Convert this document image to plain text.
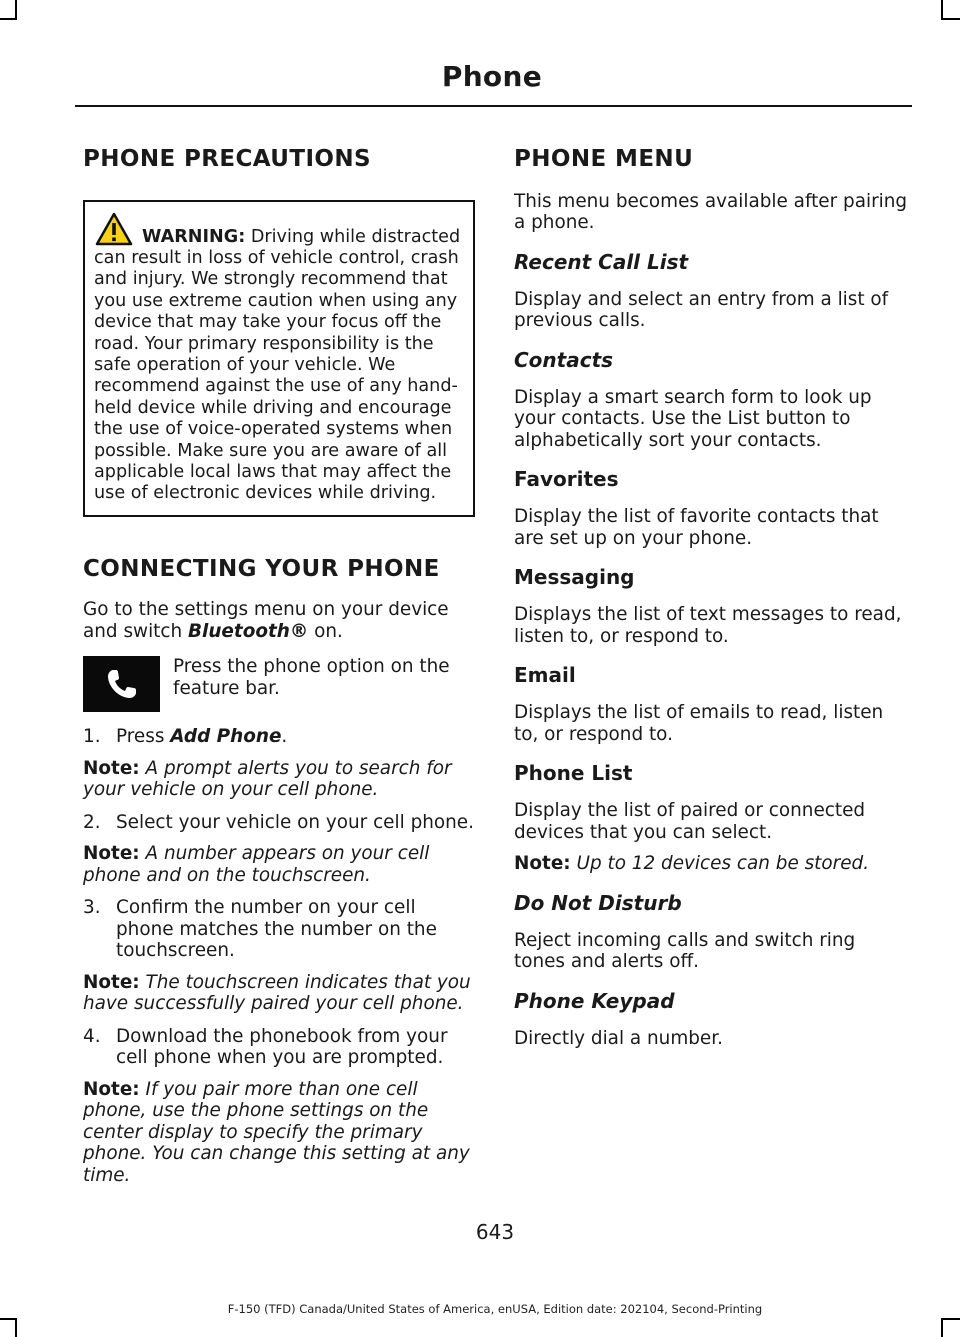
Phone
PHONE PRECAUTIONS

WARNING: Driving while distracted can result in loss of vehicle control, crash and injury. We strongly recommend that you use extreme caution when using any device that may take your focus off the road. Your primary responsibility is the safe operation of your vehicle. We recommend against the use of any hand-held device while driving and encourage the use of voice-operated systems when possible. Make sure you are aware of all applicable local laws that may affect the use of electronic devices while driving.

CONNECTING YOUR PHONE

Go to the settings menu on your device and switch Bluetooth® on.

Press the phone option on the feature bar.

1. Press Add Phone.

Note: A prompt alerts you to search for your vehicle on your cell phone.

2. Select your vehicle on your cell phone.

Note: A number appears on your cell phone and on the touchscreen.

3. Confirm the number on your cell phone matches the number on the touchscreen.

Note: The touchscreen indicates that you have successfully paired your cell phone.

4. Download the phonebook from your cell phone when you are prompted.

Note: If you pair more than one cell phone, use the phone settings on the center display to specify the primary phone. You can change this setting at any time.

PHONE MENU

This menu becomes available after pairing a phone.

Recent Call List

Display and select an entry from a list of previous calls.

Contacts

Display a smart search form to look up your contacts. Use the List button to alphabetically sort your contacts.

Favorites

Display the list of favorite contacts that are set up on your phone.

Messaging

Displays the list of text messages to read, listen to, or respond to.

Email

Displays the list of emails to read, listen to, or respond to.

Phone List

Display the list of paired or connected devices that you can select.

Note: Up to 12 devices can be stored.

Do Not Disturb

Reject incoming calls and switch ring tones and alerts off.

Phone Keypad

Directly dial a number.

643
F-150 (TFD) Canada/United States of America, enUSA, Edition date: 202104, Second-Printing
